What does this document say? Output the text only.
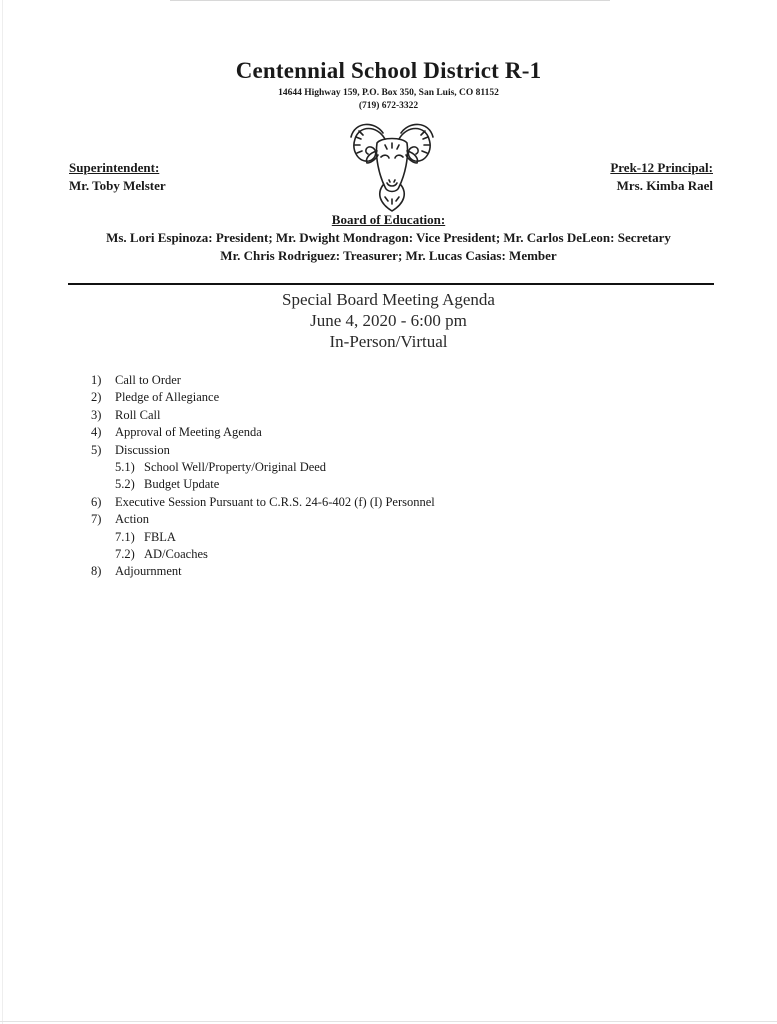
Centennial School District R-1
14644 Highway 159, P.O. Box 350, San Luis, CO 81152
(719) 672-3322
Superintendent:
Mr. Toby Melster
Prek-12 Principal:
Mrs. Kimba Rael
Board of Education:
Ms. Lori Espinoza: President; Mr. Dwight Mondragon: Vice President; Mr. Carlos DeLeon: Secretary
Mr. Chris Rodriguez: Treasurer; Mr. Lucas Casias: Member
Special Board Meeting Agenda
June 4, 2020 - 6:00 pm
In-Person/Virtual
1) Call to Order
2) Pledge of Allegiance
3) Roll Call
4) Approval of Meeting Agenda
5) Discussion
5.1) School Well/Property/Original Deed
5.2) Budget Update
6) Executive Session Pursuant to C.R.S. 24-6-402 (f) (I) Personnel
7) Action
7.1) FBLA
7.2) AD/Coaches
8) Adjournment
